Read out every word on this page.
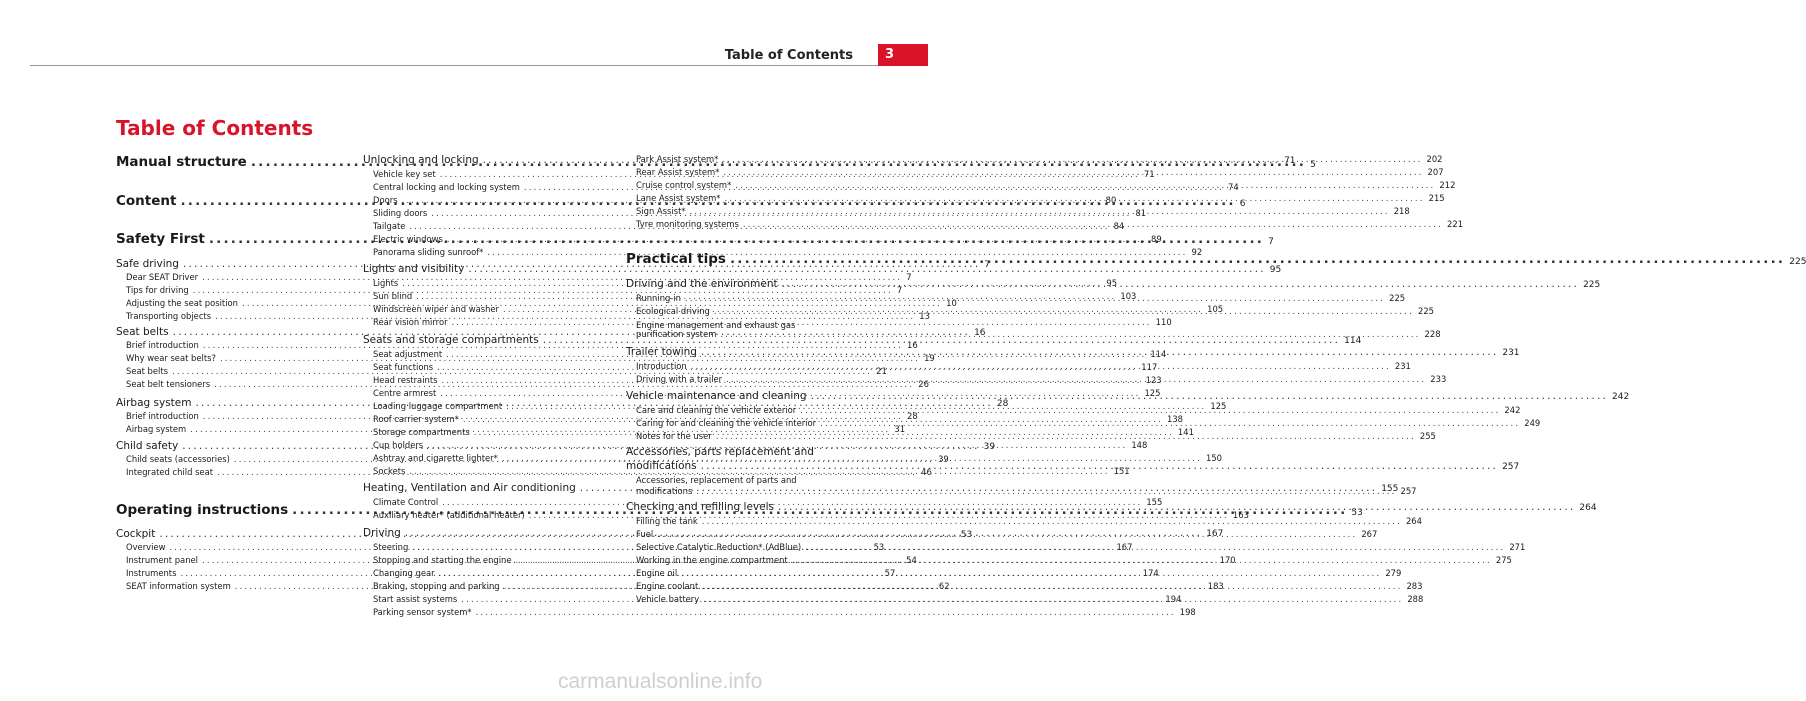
Table of Contents	3
Table of Contents
Manual structure .....	5
Content .....	6
Safety First .....	7
Safe driving .....	7
Dear SEAT Driver .....	7
Tips for driving .....	7
Adjusting the seat position .....	10
Transporting objects .....	13
Seat belts .....	16
Brief introduction .....	16
Why wear seat belts? .....	19
Seat belts .....	21
Seat belt tensioners .....	26
Airbag system .....	28
Brief introduction .....	28
Airbag system .....	31
Child safety .....	39
Child seats (accessories) .....	39
Integrated child seat .....	46
Operating instructions .....	53
Cockpit .....	53
Overview .....	53
Instrument panel .....	54
Instruments .....	57
SEAT information system .....	62
Unlocking and locking .....	71
Vehicle key set .....	71
Central locking and locking system .....	74
Doors .....	80
Sliding doors .....	81
Tailgate .....	84
Electric windows .....	89
Panorama sliding sunroof* .....	92
Lights and visibility .....	95
Lights .....	95
Sun blind .....	103
Windscreen wiper and washer .....	105
Rear vision mirror .....	110
Seats and storage compartments .....	114
Seat adjustment .....	114
Seat functions .....	117
Head restraints .....	123
Centre armrest .....	125
Loading luggage compartment .....	125
Roof carrier system* .....	138
Storage compartments .....	141
Cup holders .....	148
Ashtray and cigarette lighter* .....	150
Sockets .....	151
Heating, Ventilation and Air conditioning .....	155
Climate Control .....	155
Auxiliary heater* (additional heater) .....	163
Driving .....	167
Steering .....	167
Stopping and starting the engine .....	170
Changing gear .....	174
Braking, stopping and parking .....	183
Start assist systems .....	194
Parking sensor system* .....	198
Park Assist system* .....	202
Rear Assist system* .....	207
Cruise control system* .....	212
Lane Assist system* .....	215
Sign Assist* .....	218
Tyre monitoring systems .....	221
Practical tips .....	225
Driving and the environment .....	225
Running-in .....	225
Ecological driving .....	225
Engine management and exhaust gas
purification system .....	228
Trailer towing .....	231
Introduction .....	231
Driving with a trailer .....	233
Vehicle maintenance and cleaning .....	242
Care and cleaning the vehicle exterior .....	242
Caring for and cleaning the vehicle interior .....	249
Notes for the user .....	255
Accessories, parts replacement and
modifications .....	257
Accessories, replacement of parts and
modifications .....	257
Checking and refilling levels .....	264
Filling the tank .....	264
Fuel .....	267
Selective Catalytic Reduction* (AdBlue) .....	271
Working in the engine compartment .....	275
Engine oil .....	279
Engine coolant .....	283
Vehicle battery .....	288
carmanualsonline.info
